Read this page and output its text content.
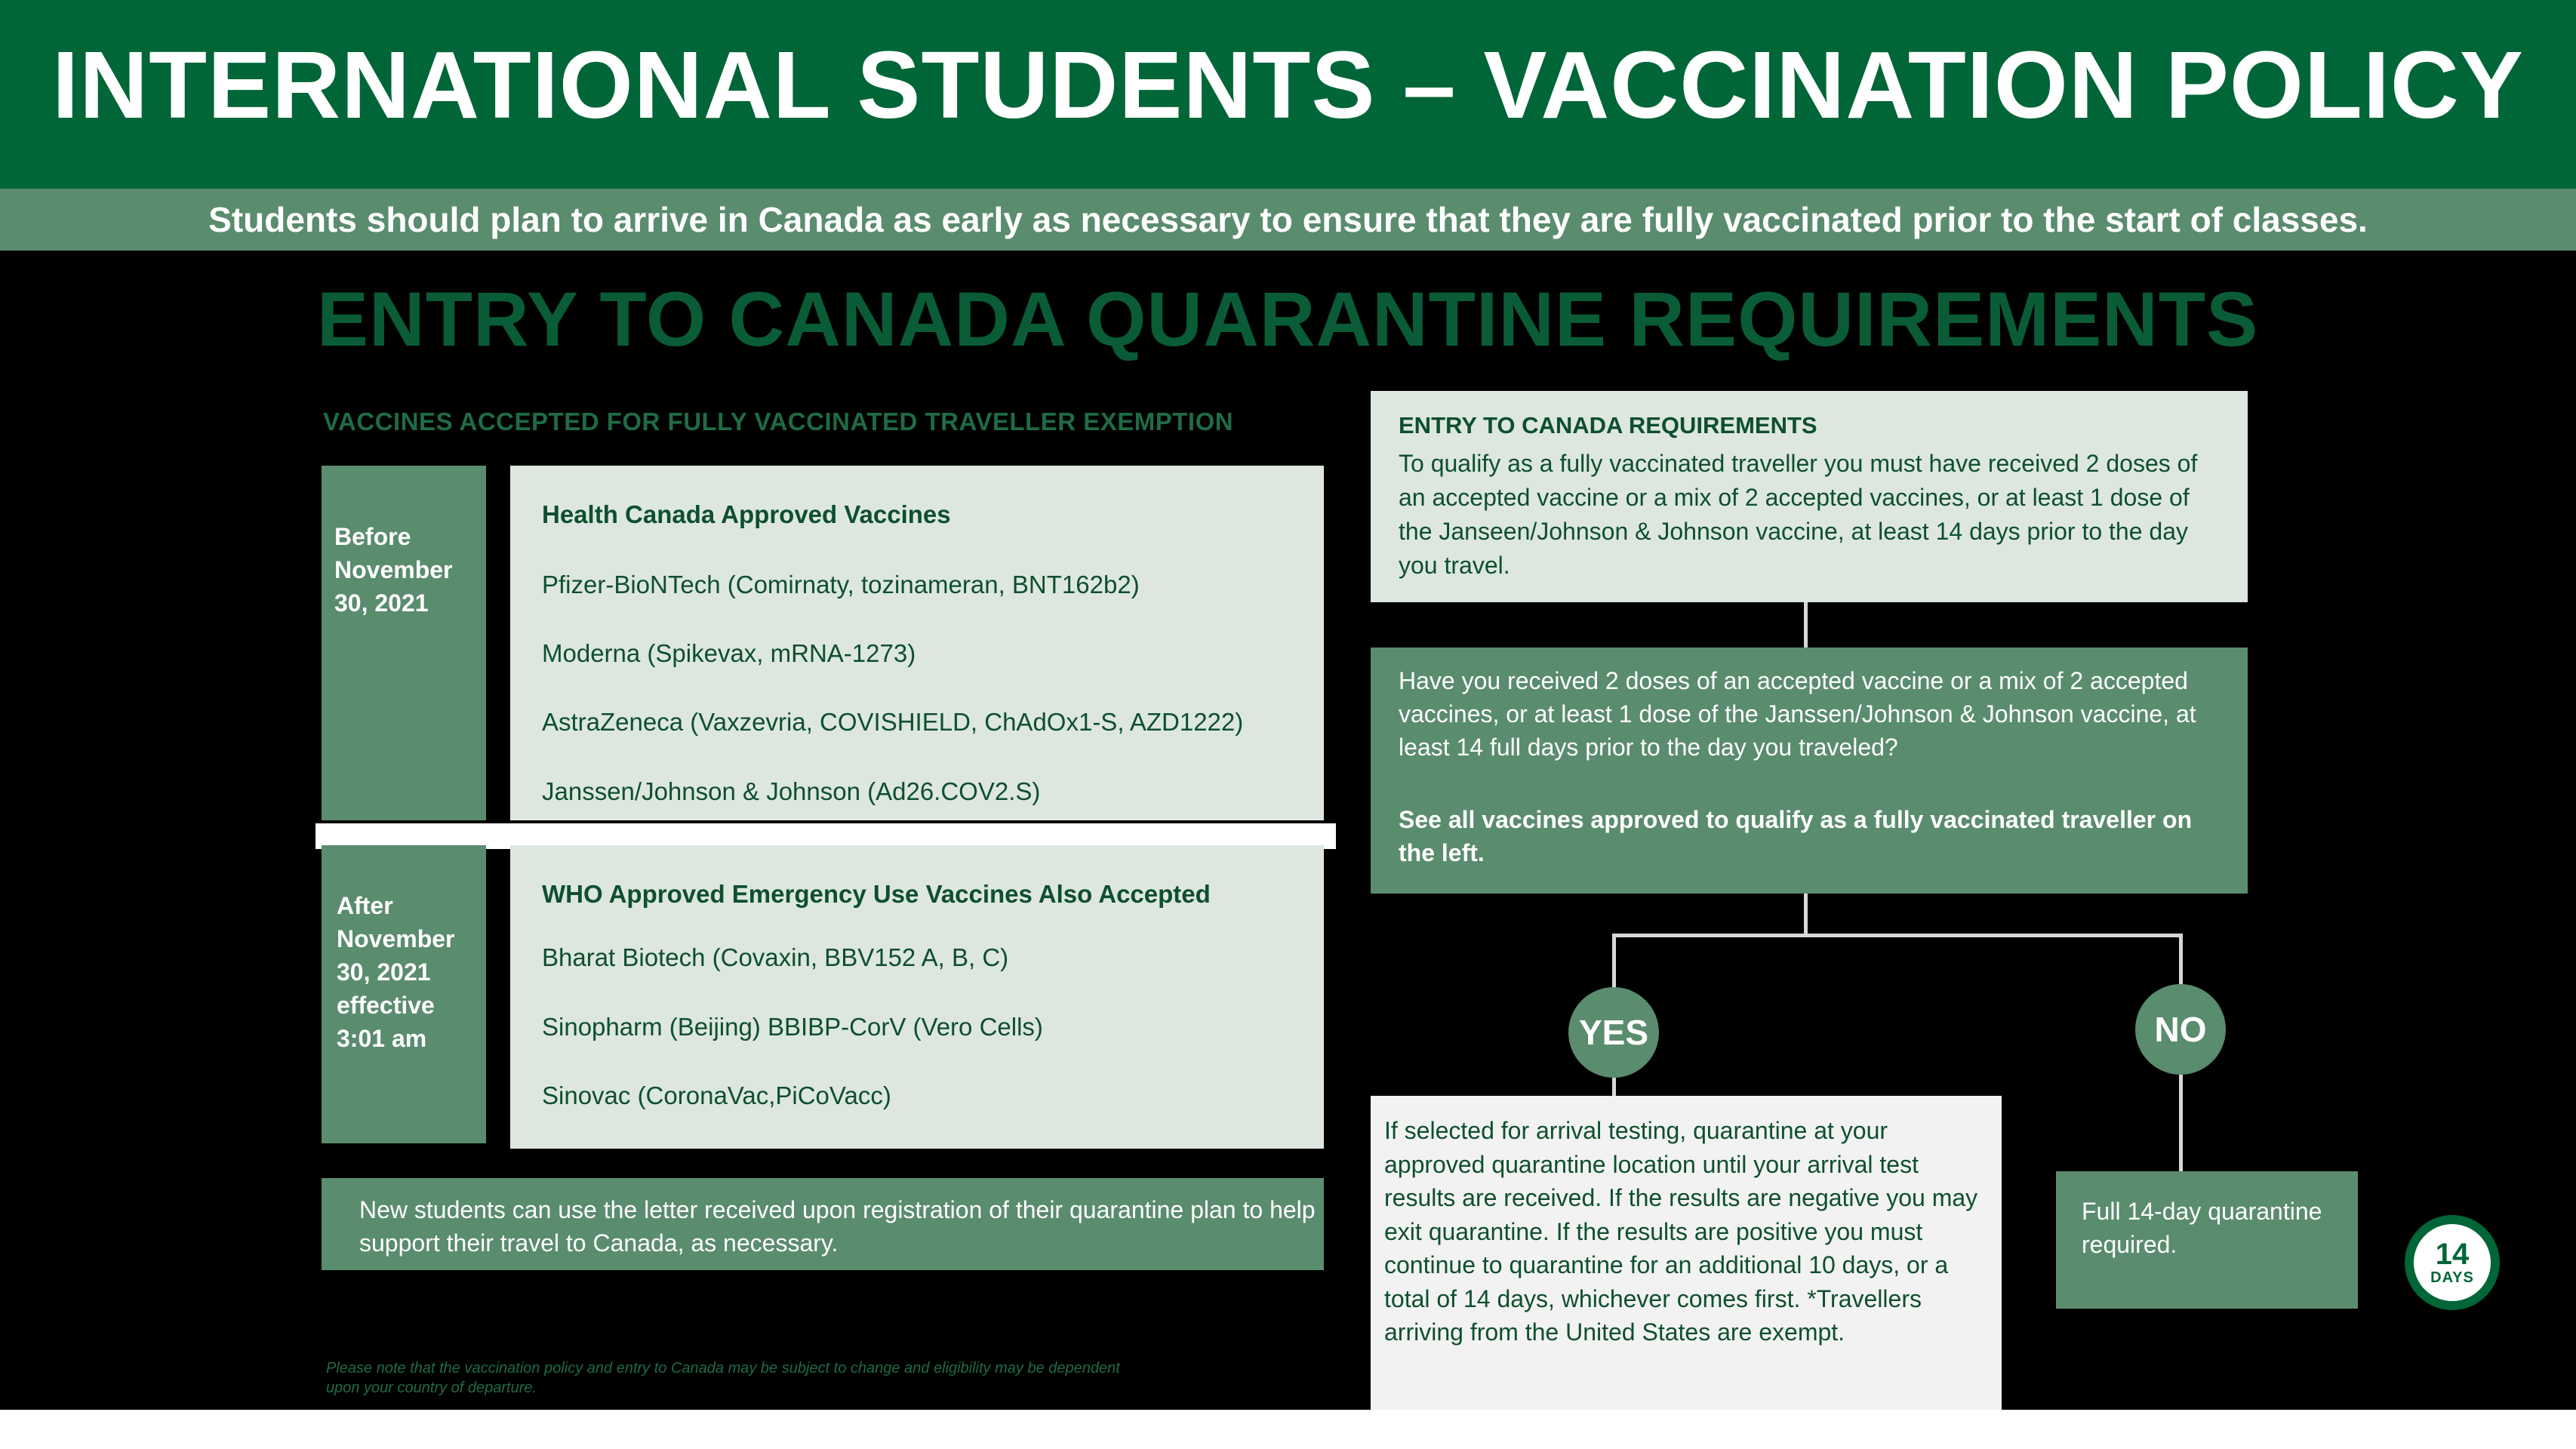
INTERNATIONAL STUDENTS – VACCINATION POLICY
Students should plan to arrive in Canada as early as necessary to ensure that they are fully vaccinated prior to the start of classes.
ENTRY TO CANADA QUARANTINE REQUIREMENTS
VACCINES ACCEPTED FOR FULLY VACCINATED TRAVELLER EXEMPTION
Before
November
30, 2021
Health Canada Approved Vaccines
Pfizer-BioNTech (Comirnaty, tozinameran, BNT162b2)
Moderna (Spikevax, mRNA-1273)
AstraZeneca (Vaxzevria, COVISHIELD, ChAdOx1-S, AZD1222)
Janssen/Johnson & Johnson (Ad26.COV2.S)
After
November
30, 2021
effective
3:01 am
WHO Approved Emergency Use Vaccines Also Accepted
Bharat Biotech (Covaxin, BBV152 A, B, C)
Sinopharm (Beijing) BBIBP-CorV (Vero Cells)
Sinovac (CoronaVac,PiCoVacc)
New students can use the letter received upon registration of their quarantine plan to help support their travel to Canada, as necessary.
Please note that the vaccination policy and entry to Canada may be subject to change and eligibility may be dependent upon your country of departure.
ENTRY TO CANADA REQUIREMENTS
To qualify as a fully vaccinated traveller you must have received 2 doses of an accepted vaccine or a mix of 2 accepted vaccines, or at least 1 dose of the Janseen/Johnson & Johnson vaccine, at least 14 days prior to the day you travel.
Have you received 2 doses of an accepted vaccine or a mix of 2 accepted vaccines, or at least 1 dose of the Janssen/Johnson & Johnson vaccine, at least 14 full days prior to the day you traveled?
See all vaccines approved to qualify as a fully vaccinated traveller on the left.
YES	NO
If selected for arrival testing, quarantine at your approved quarantine location until your arrival test results are received. If the results are negative you may exit quarantine. If the results are positive you must continue to quarantine for an additional 10 days, or a total of 14 days, whichever comes first. *Travellers arriving from the United States are exempt.
Full 14-day quarantine required.	14
DAYS
